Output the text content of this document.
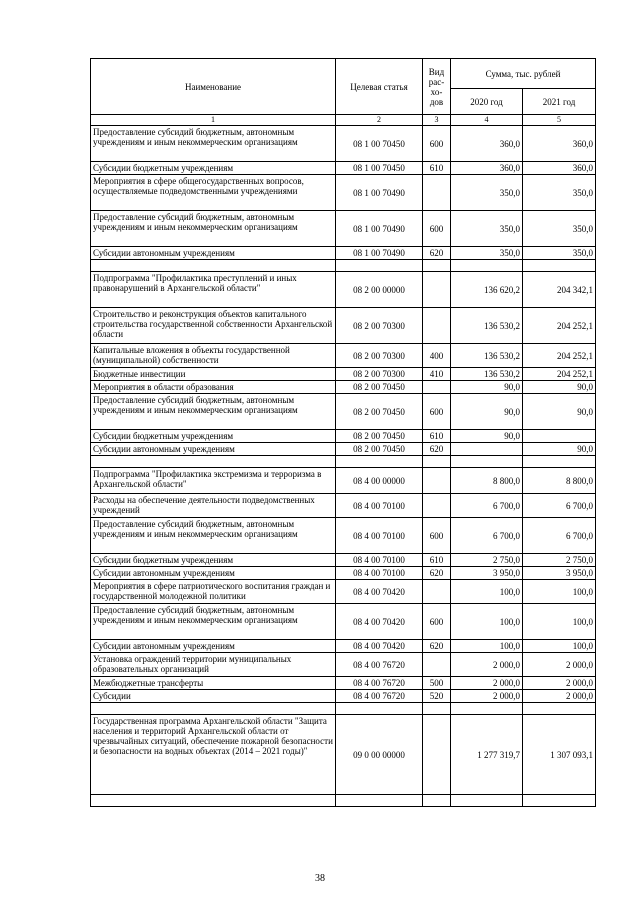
Наименование	Целевая статья	Вид рас-хо-дов	Сумма, тыс. рублей	
			2020 год	2021 год
1	2	3	4	5
Предоставление субсидий бюджетным, автономным учреждениям и иным некоммерческим организациям	08 1 00 70450	600	360,0	360,0
Субсидии бюджетным учреждениям	08 1 00 70450	610	360,0	360,0
Мероприятия в сфере общегосударственных вопросов, осуществляемые подведомственными учреждениями	08 1 00 70490		350,0	350,0
Предоставление субсидий бюджетным, автономным учреждениям и иным некоммерческим организациям	08 1 00 70490	600	350,0	350,0
Субсидии автономным учреждениям	08 1 00 70490	620	350,0	350,0

Подпрограмма "Профилактика преступлений и иных правонарушений в Архангельской области"	08 2 00 00000		136 620,2	204 342,1
Строительство и реконструкция объектов капитального строительства государственной собственности Архангельской области	08 2 00 70300		136 530,2	204 252,1
Капитальные вложения в объекты государственной (муниципальной) собственности	08 2 00 70300	400	136 530,2	204 252,1
Бюджетные инвестиции	08 2 00 70300	410	136 530,2	204 252,1
Мероприятия в области образования	08 2 00 70450		90,0	90,0
Предоставление субсидий бюджетным, автономным учреждениям и иным некоммерческим организациям	08 2 00 70450	600	90,0	90,0
Субсидии бюджетным учреждениям	08 2 00 70450	610	90,0	
Субсидии автономным учреждениям	08 2 00 70450	620		90,0

Подпрограмма "Профилактика экстремизма и терроризма в Архангельской области"	08 4 00 00000		8 800,0	8 800,0
Расходы на обеспечение деятельности подведомственных учреждений	08 4 00 70100		6 700,0	6 700,0
Предоставление субсидий бюджетным, автономным учреждениям и иным некоммерческим организациям	08 4 00 70100	600	6 700,0	6 700,0
Субсидии бюджетным учреждениям	08 4 00 70100	610	2 750,0	2 750,0
Субсидии автономным учреждениям	08 4 00 70100	620	3 950,0	3 950,0
Мероприятия в сфере патриотического воспитания граждан и государственной молодежной политики	08 4 00 70420		100,0	100,0
Предоставление субсидий бюджетным, автономным учреждениям и иным некоммерческим организациям	08 4 00 70420	600	100,0	100,0
Субсидии автономным учреждениям	08 4 00 70420	620	100,0	100,0
Установка ограждений территории муниципальных образовательных организаций	08 4 00 76720		2 000,0	2 000,0
Межбюджетные трансферты	08 4 00 76720	500	2 000,0	2 000,0
Субсидии	08 4 00 76720	520	2 000,0	2 000,0

Государственная программа Архангельской области "Защита населения и территорий Архангельской области от чрезвычайных ситуаций, обеспечение пожарной безопасности и безопасности на водных объектах (2014 – 2021 годы)"	09 0 00 00000		1 277 319,7	1 307 093,1

38
